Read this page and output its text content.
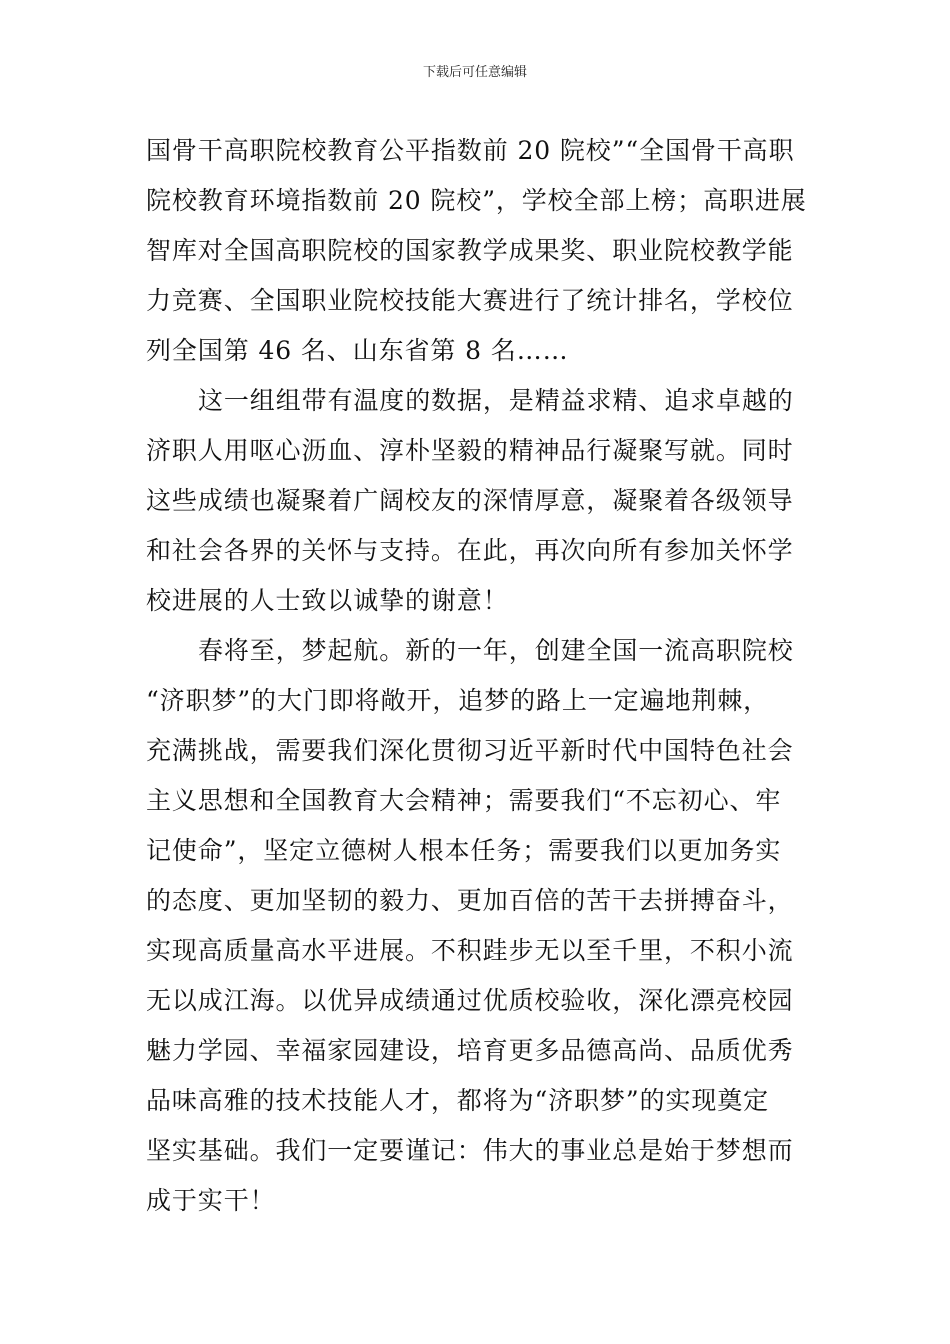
下载后可任意编辑
国骨干高职院校教育公平指数前 20 院校”“全国骨干高职
院校教育环境指数前 20 院校”，学校全部上榜；高职进展
智库对全国高职院校的国家教学成果奖、职业院校教学能
力竞赛、全国职业院校技能大赛进行了统计排名，学校位
列全国第 46 名、山东省第 8 名……
这一组组带有温度的数据，是精益求精、追求卓越的
济职人用呕心沥血、淳朴坚毅的精神品行凝聚写就。同时
这些成绩也凝聚着广阔校友的深情厚意，凝聚着各级领导
和社会各界的关怀与支持。在此，再次向所有参加关怀学
校进展的人士致以诚挚的谢意！
春将至，梦起航。新的一年，创建全国一流高职院校
“济职梦”的大门即将敞开，追梦的路上一定遍地荆棘，
充满挑战，需要我们深化贯彻习近平新时代中国特色社会
主义思想和全国教育大会精神；需要我们“不忘初心、牢
记使命”，坚定立德树人根本任务；需要我们以更加务实
的态度、更加坚韧的毅力、更加百倍的苦干去拼搏奋斗，
实现高质量高水平进展。不积跬步无以至千里，不积小流
无以成江海。以优异成绩通过优质校验收，深化漂亮校园
魅力学园、幸福家园建设，培育更多品德高尚、品质优秀
品味高雅的技术技能人才，都将为“济职梦”的实现奠定
坚实基础。我们一定要谨记：伟大的事业总是始于梦想而
成于实干！
